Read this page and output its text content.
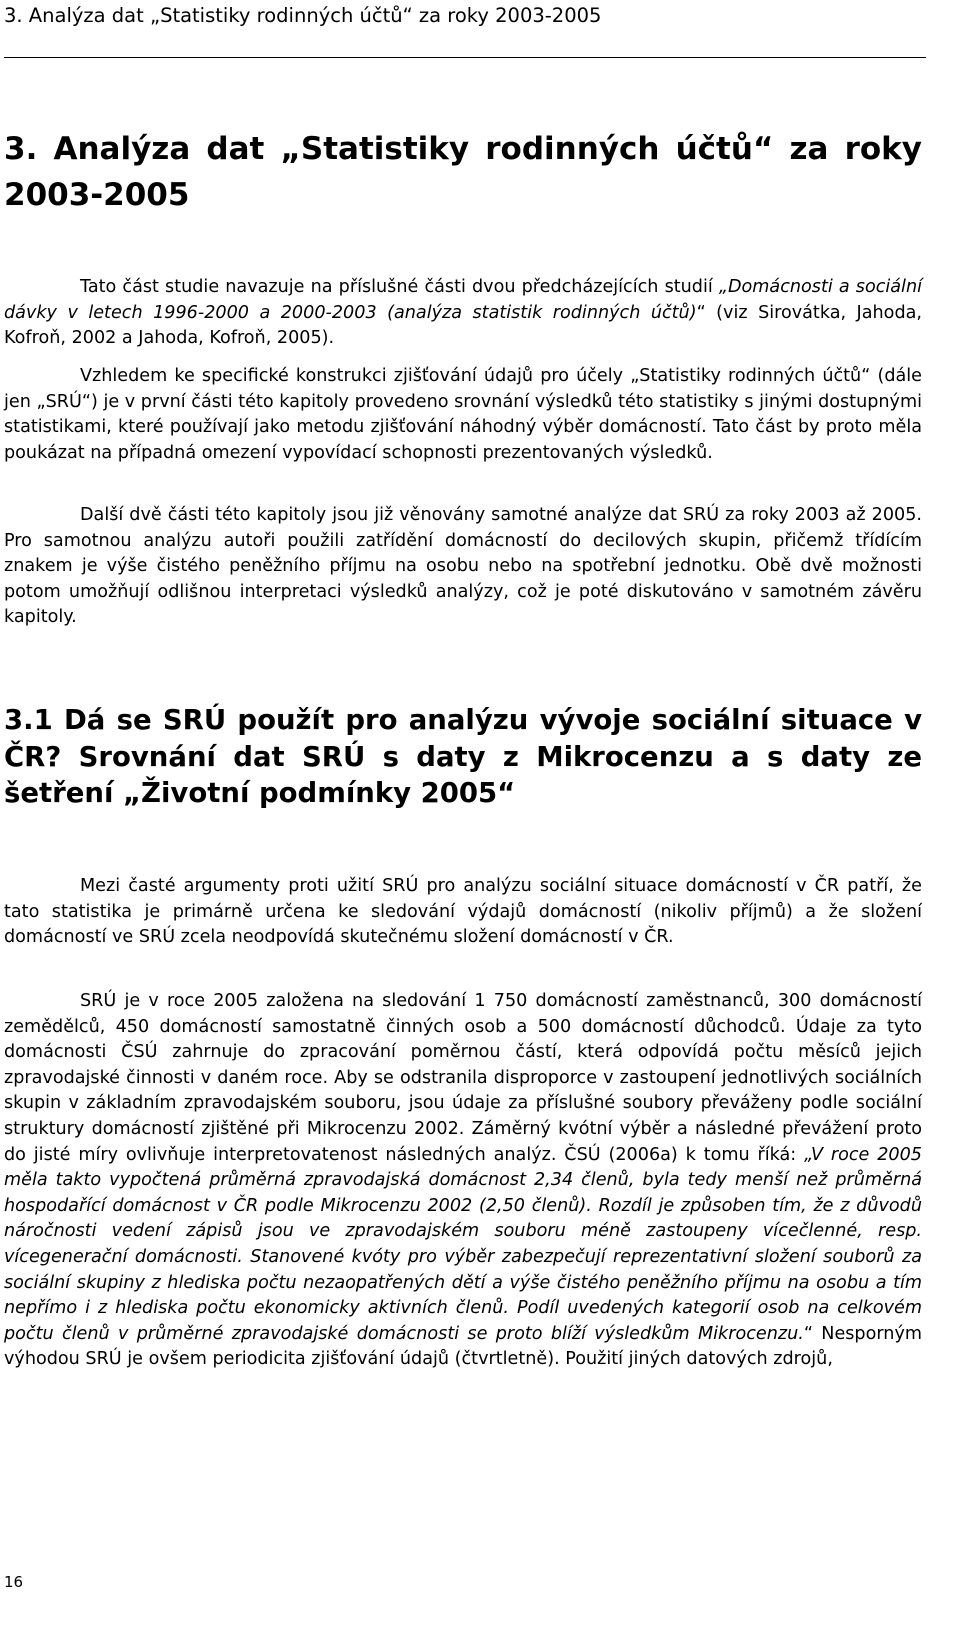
3. Analýza dat „Statistiky rodinných účtů“ za roky 2003-2005
3. Analýza dat „Statistiky rodinných účtů“ za roky 2003-2005

Tato část studie navazuje na příslušné části dvou předcházejících studií „Domácnosti a sociální dávky v letech 1996-2000 a 2000-2003 (analýza statistik rodinných účtů)“ (viz Sirovátka, Jahoda, Kofroň, 2002 a Jahoda, Kofroň, 2005).

Vzhledem ke specifické konstrukci zjišťování údajů pro účely „Statistiky rodinných účtů“ (dále jen „SRÚ“) je v první části této kapitoly provedeno srovnání výsledků této statistiky s jinými dostupnými statistikami, které používají jako metodu zjišťování náhodný výběr domácností. Tato část by proto měla poukázat na případná omezení vypovídací schopnosti prezentovaných výsledků.

Další dvě části této kapitoly jsou již věnovány samotné analýze dat SRÚ za roky 2003 až 2005. Pro samotnou analýzu autoři použili zatřídění domácností do decilových skupin, přičemž třídícím znakem je výše čistého peněžního příjmu na osobu nebo na spotřební jednotku. Obě dvě možnosti potom umožňují odlišnou interpretaci výsledků analýzy, což je poté diskutováno v samotném závěru kapitoly.

3.1 Dá se SRÚ použít pro analýzu vývoje sociální situace v ČR? Srovnání dat SRÚ s daty z Mikrocenzu a s daty ze šetření „Životní podmínky 2005“

Mezi časté argumenty proti užití SRÚ pro analýzu sociální situace domácností v ČR patří, že tato statistika je primárně určena ke sledování výdajů domácností (nikoliv příjmů) a že složení domácností ve SRÚ zcela neodpovídá skutečnému složení domácností v ČR.

SRÚ je v roce 2005 založena na sledování 1 750 domácností zaměstnanců, 300 domácností zemědělců, 450 domácností samostatně činných osob a 500 domácností důchodců. Údaje za tyto domácnosti ČSÚ zahrnuje do zpracování poměrnou částí, která odpovídá počtu měsíců jejich zpravodajské činnosti v daném roce. Aby se odstranila disproporce v zastoupení jednotlivých sociálních skupin v základním zpravodajském souboru, jsou údaje za příslušné soubory převáženy podle sociální struktury domácností zjištěné při Mikrocenzu 2002. Záměrný kvótní výběr a následné převážení proto do jisté míry ovlivňuje interpretovatenost následných analýz. ČSÚ (2006a) k tomu říká: „V roce 2005 měla takto vypočtená průměrná zpravodajská domácnost 2,34 členů, byla tedy menší než průměrná hospodařící domácnost v ČR podle Mikrocenzu 2002 (2,50 členů). Rozdíl je způsoben tím, že z důvodů náročnosti vedení zápisů jsou ve zpravodajském souboru méně zastoupeny vícečlenné, resp. vícegenerační domácnosti. Stanovené kvóty pro výběr zabezpečují reprezentativní složení souborů za sociální skupiny z hlediska počtu nezaopatřených dětí a výše čistého peněžního příjmu na osobu a tím nepřímo i z hlediska počtu ekonomicky aktivních členů. Podíl uvedených kategorií osob na celkovém počtu členů v průměrné zpravodajské domácnosti se proto blíží výsledkům Mikrocenzu.“ Nesporným výhodou SRÚ je ovšem periodicita zjišťování údajů (čtvrtletně). Použití jiných datových zdrojů,

16
